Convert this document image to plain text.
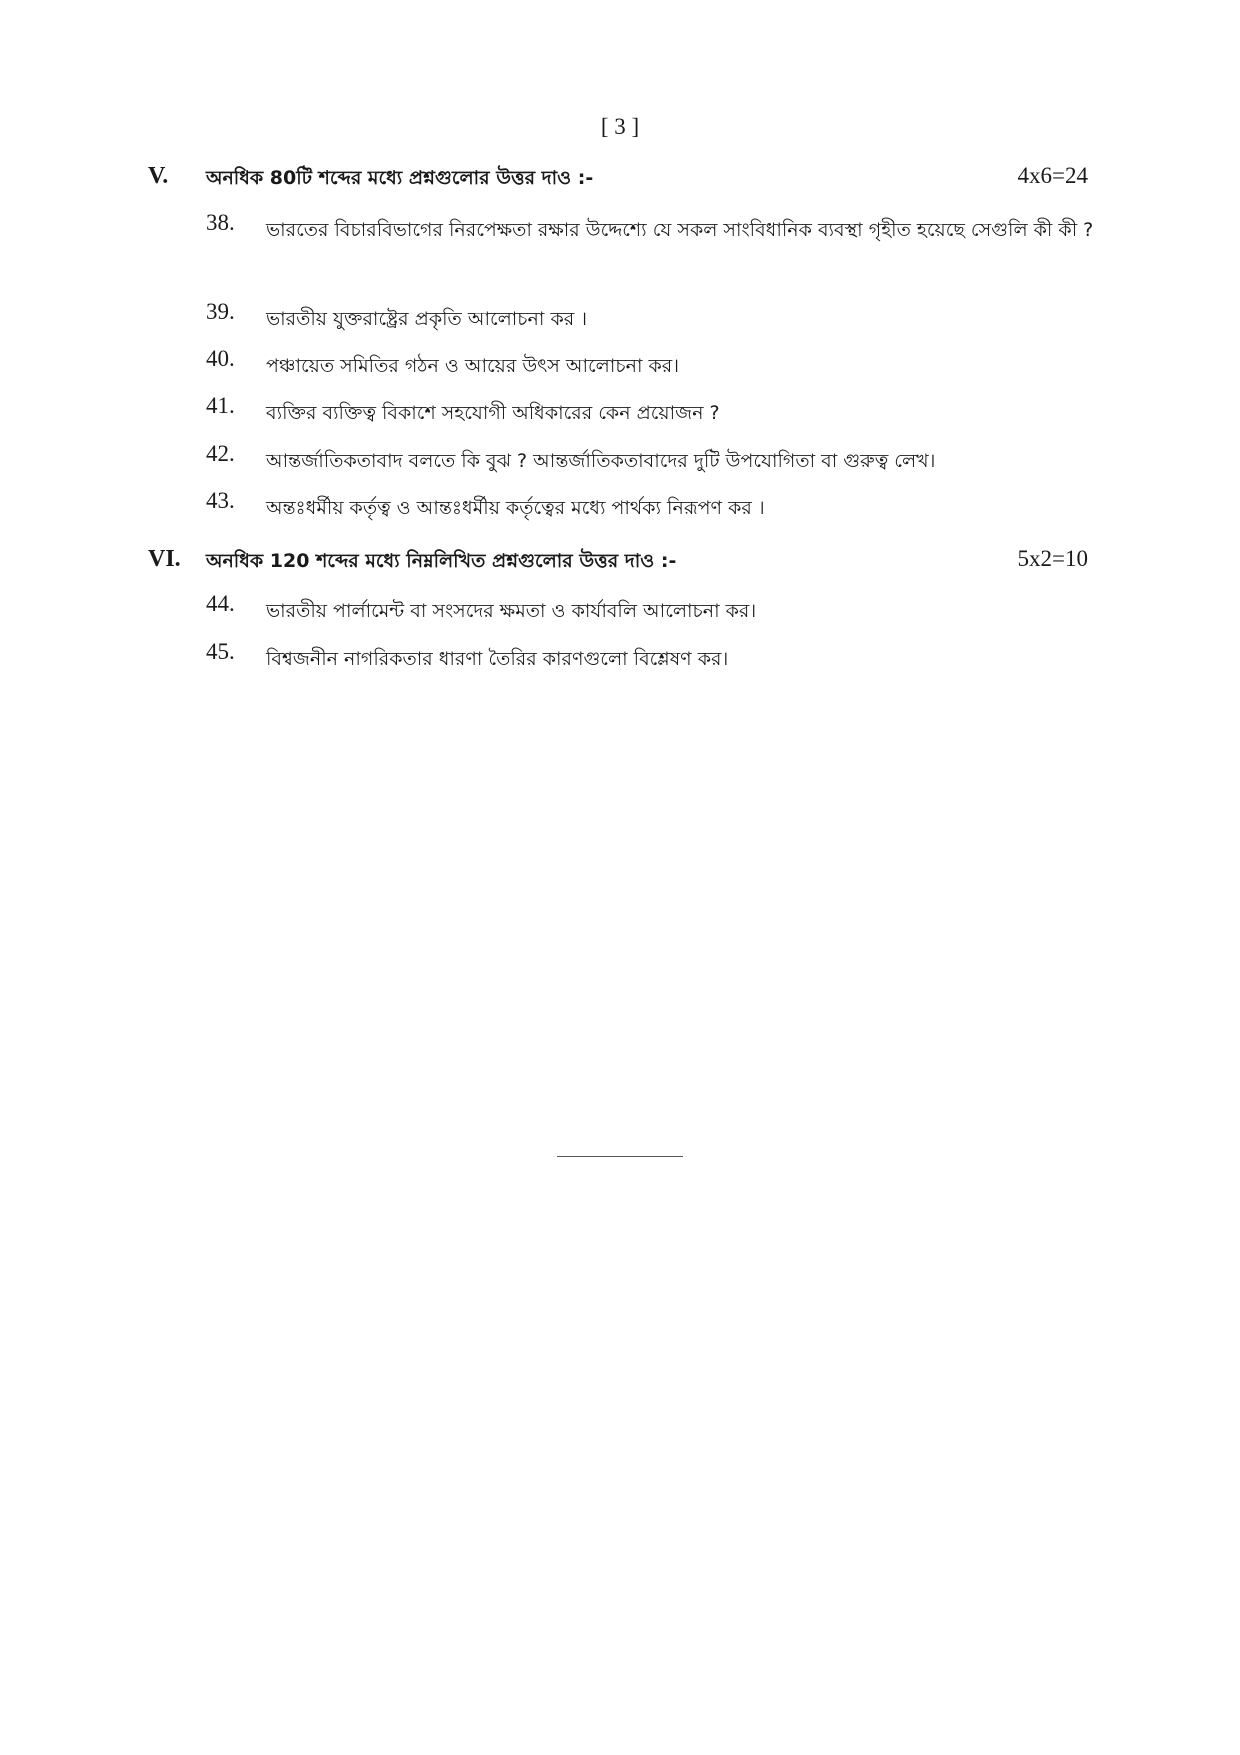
[ 3 ]
V. অনধিক 80টি শব্দের মধ্যে প্রশ্নগুলোর উত্তর দাও :-	4x6=24
38. ভারতের বিচারবিভাগের নিরপেক্ষতা রক্ষার উদ্দেশ্যে যে সকল সাংবিধানিক ব্যবস্থা গৃহীত হয়েছে সেগুলি কী কী ?
39. ভারতীয় যুক্তরাষ্ট্রের প্রকৃতি আলোচনা কর ।
40. পঞ্চায়েত সমিতির গঠন ও আয়ের উৎস আলোচনা কর।
41. ব্যক্তির ব্যক্তিত্ব বিকাশে সহযোগী অধিকারের কেন প্রয়োজন ?
42. আন্তর্জাতিকতাবাদ বলতে কি বুঝ ? আন্তর্জাতিকতাবাদের দুটি উপযোগিতা বা গুরুত্ব লেখ।
43. অন্তঃধর্মীয় কর্তৃত্ব ও আন্তঃধর্মীয় কর্তৃত্বের মধ্যে পার্থক্য নিরূপণ কর ।
VI. অনধিক 120 শব্দের মধ্যে নিম্নলিখিত প্রশ্নগুলোর উত্তর দাও :-	5x2=10
44. ভারতীয় পার্লামেন্ট বা সংসদের ক্ষমতা ও কার্যাবলি আলোচনা কর।
45. বিশ্বজনীন নাগরিকতার ধারণা তৈরির কারণগুলো বিশ্লেষণ কর।
